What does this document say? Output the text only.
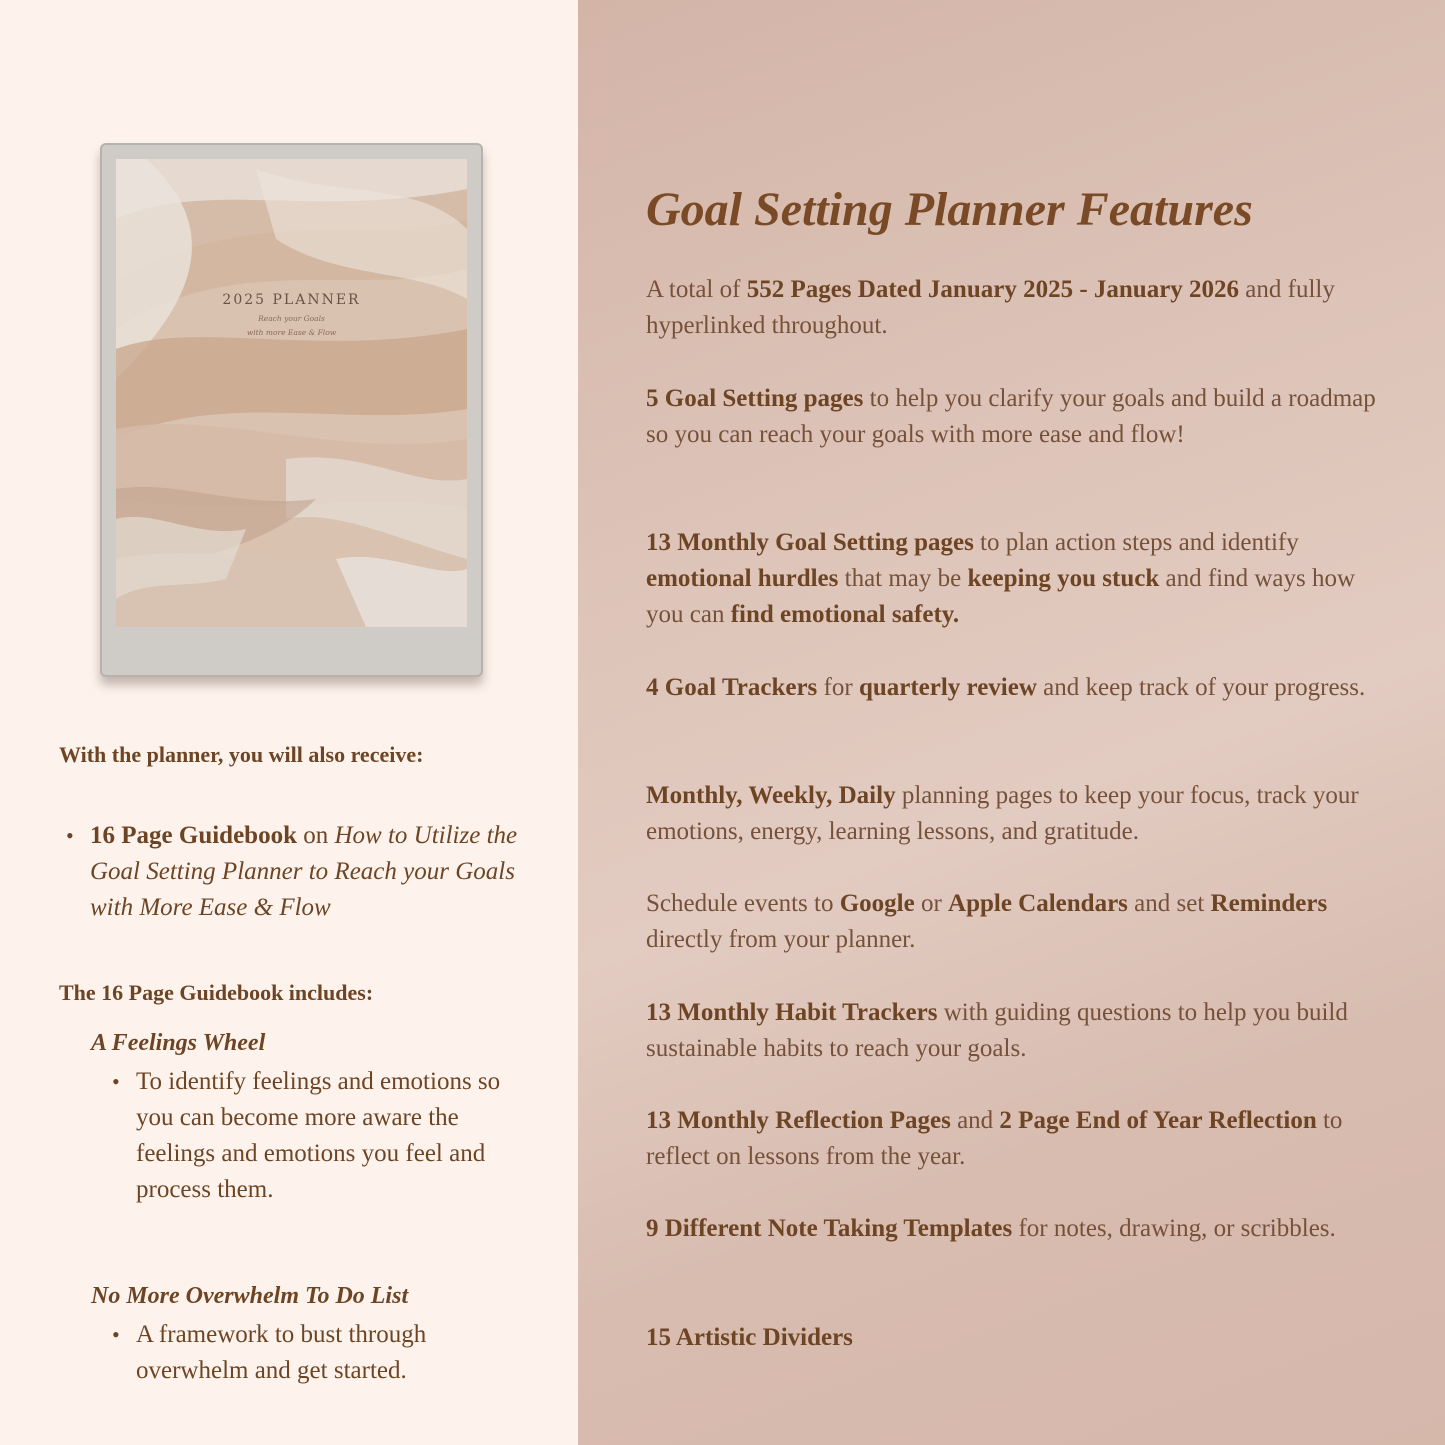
2025 PLANNER
Reach your Goals
with more Ease & Flow
With the planner, you will also receive:
• 16 Page Guidebook on How to Utilize the Goal Setting Planner to Reach your Goals with More Ease & Flow
The 16 Page Guidebook includes:
A Feelings Wheel
• To identify feelings and emotions so you can become more aware the feelings and emotions you feel and process them.
No More Overwhelm To Do List
• A framework to bust through overwhelm and get started.
Goal Setting Planner Features
A total of 552 Pages Dated January 2025 - January 2026 and fully hyperlinked throughout.
5 Goal Setting pages to help you clarify your goals and build a roadmap so you can reach your goals with more ease and flow!
13 Monthly Goal Setting pages to plan action steps and identify emotional hurdles that may be keeping you stuck and find ways how you can find emotional safety.
4 Goal Trackers for quarterly review and keep track of your progress.
Monthly, Weekly, Daily planning pages to keep your focus, track your emotions, energy, learning lessons, and gratitude.
Schedule events to Google or Apple Calendars and set Reminders directly from your planner.
13 Monthly Habit Trackers with guiding questions to help you build sustainable habits to reach your goals.
13 Monthly Reflection Pages and 2 Page End of Year Reflection to reflect on lessons from the year.
9 Different Note Taking Templates for notes, drawing, or scribbles.
15 Artistic Dividers
